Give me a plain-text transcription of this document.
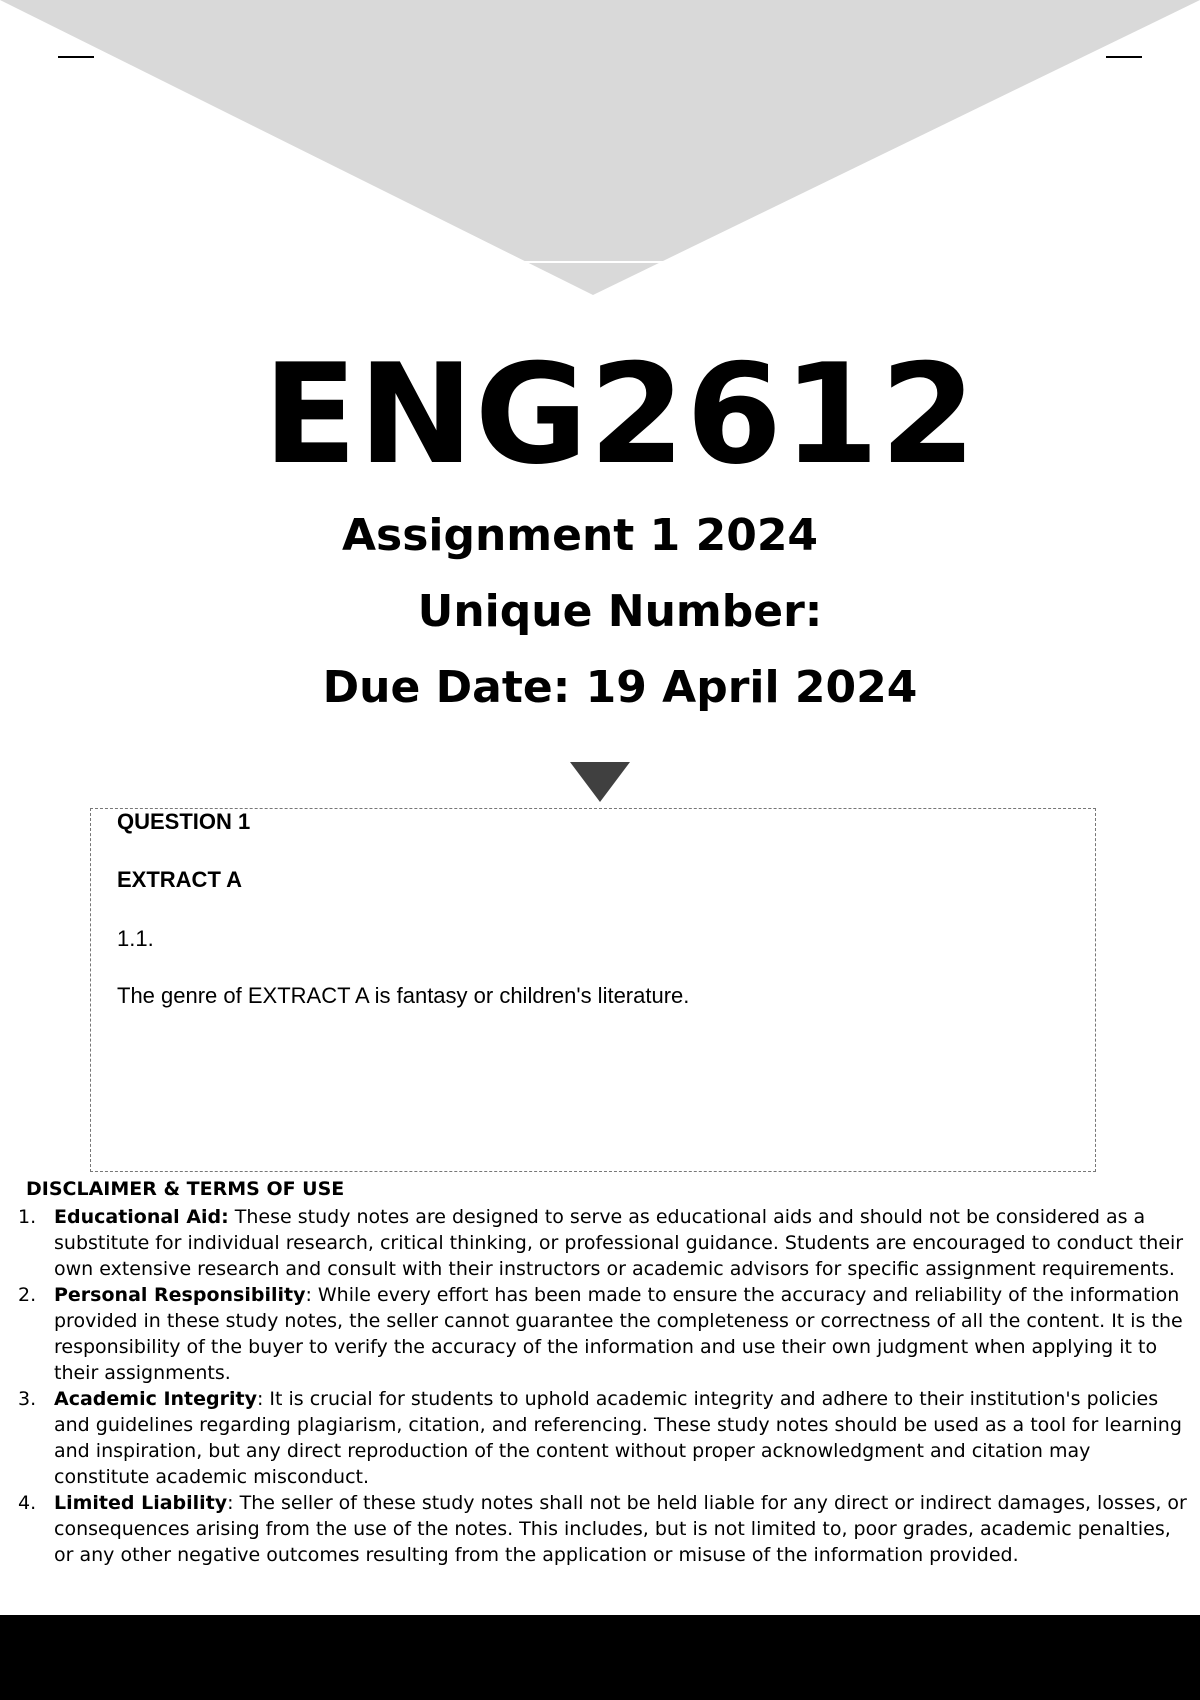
ENG2612
Assignment 1 2024
Unique Number:
Due Date: 19 April 2024
QUESTION 1
EXTRACT A
1.1.
The genre of EXTRACT A is fantasy or children's literature.
DISCLAIMER & TERMS OF USE
1. Educational Aid: These study notes are designed to serve as educational aids and should not be considered as a substitute for individual research, critical thinking, or professional guidance. Students are encouraged to conduct their own extensive research and consult with their instructors or academic advisors for specific assignment requirements.
2. Personal Responsibility: While every effort has been made to ensure the accuracy and reliability of the information provided in these study notes, the seller cannot guarantee the completeness or correctness of all the content. It is the responsibility of the buyer to verify the accuracy of the information and use their own judgment when applying it to their assignments.
3. Academic Integrity: It is crucial for students to uphold academic integrity and adhere to their institution's policies and guidelines regarding plagiarism, citation, and referencing. These study notes should be used as a tool for learning and inspiration, but any direct reproduction of the content without proper acknowledgment and citation may constitute academic misconduct.
4. Limited Liability: The seller of these study notes shall not be held liable for any direct or indirect damages, losses, or consequences arising from the use of the notes. This includes, but is not limited to, poor grades, academic penalties, or any other negative outcomes resulting from the application or misuse of the information provided.
